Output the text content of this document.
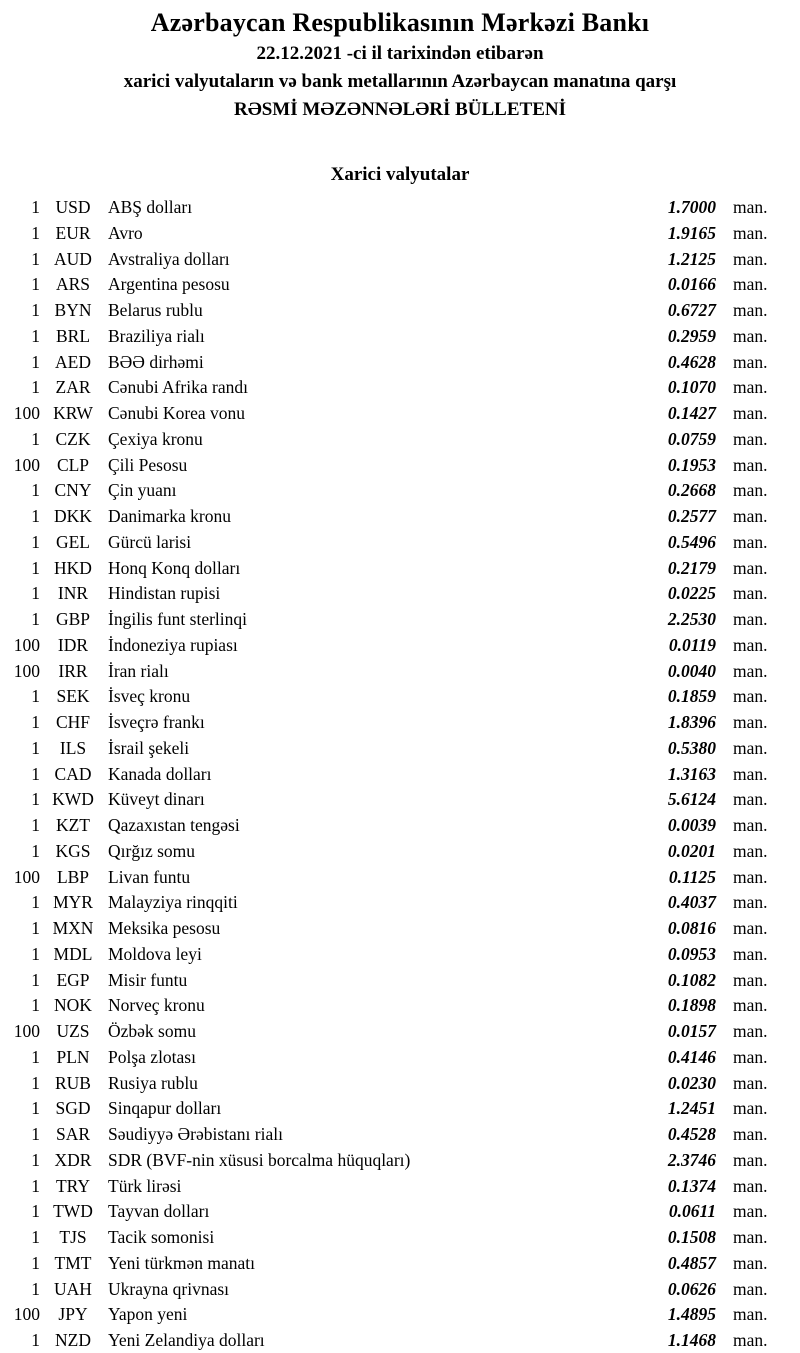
Azərbaycan Respublikasının Mərkəzi Bankı
22.12.2021 -ci il tarixindən etibarən
xarici valyutaların və bank metallarının Azərbaycan manatına qarşı
RƏSMİ MƏZƏNNƏLƏRİ BÜLLETENİ
Xarici valyutalar
1 USD	ABŞ dolları	1.7000 man.
1 EUR	Avro	1.9165 man.
1 AUD Avstraliya dolları	1.2125 man.
1 ARS	Argentina pesosu	0.0166 man.
1 BYN Belarus rublu	0.6727 man.
1 BRL	Braziliya rialı	0.2959 man.
1 AED BƏƏ dirhəmi	0.4628 man.
1 ZAR	Cənubi Afrika randı	0.1070 man.
100 KRW Cənubi Korea vonu	0.1427 man.
1 CZK	Çexiya kronu	0.0759 man.
100 CLP	Çili Pesosu	0.1953 man.
1 CNY Çin yuanı	0.2668 man.
1 DKK Danimarka kronu	0.2577 man.
1 GEL	Gürcü larisi	0.5496 man.
1 HKD Honq Konq dolları	0.2179 man.
1	INR	Hindistan rupisi	0.0225 man.
1 GBP	İngilis funt sterlinqi	2.2530 man.
100	IDR	İndoneziya rupiası	0.0119 man.
100	IRR	İran rialı	0.0040 man.
1 SEK	İsveç kronu	0.1859 man.
1 CHF	İsveçrə frankı	1.8396 man.
1	ILS	İsrail şekeli	0.5380 man.
1 CAD Kanada dolları	1.3163 man.
1 KWD Küveyt dinarı	5.6124 man.
1 KZT	Qazaxıstan tengəsi	0.0039 man.
1 KGS	Qırğız somu	0.0201 man.
100 LBP	Livan funtu	0.1125 man.
1 MYR Malayziya rinqqiti	0.4037 man.
1 MXN Meksika pesosu	0.0816 man.
1 MDL Moldova leyi	0.0953 man.
1 EGP	Misir funtu	0.1082 man.
1 NOK Norveç kronu	0.1898 man.
100 UZS	Özbək somu	0.0157 man.
1 PLN	Polşa zlotası	0.4146 man.
1 RUB Rusiya rublu	0.0230 man.
1 SGD	Sinqapur dolları	1.2451 man.
1 SAR	Səudiyyə Ərəbistanı rialı	0.4528 man.
1 XDR SDR (BVF-nin xüsusi borcalma hüquqları)	2.3746 man.
1 TRY	Türk lirəsi	0.1374 man.
1 TWD Tayvan dolları	0.0611 man.
1	TJS	Tacik somonisi	0.1508 man.
1 TMT Yeni türkmən manatı	0.4857 man.
1 UAH Ukrayna qrivnası	0.0626 man.
100	JPY	Yapon yeni	1.4895 man.
1 NZD Yeni Zelandiya dolları	1.1468 man.
